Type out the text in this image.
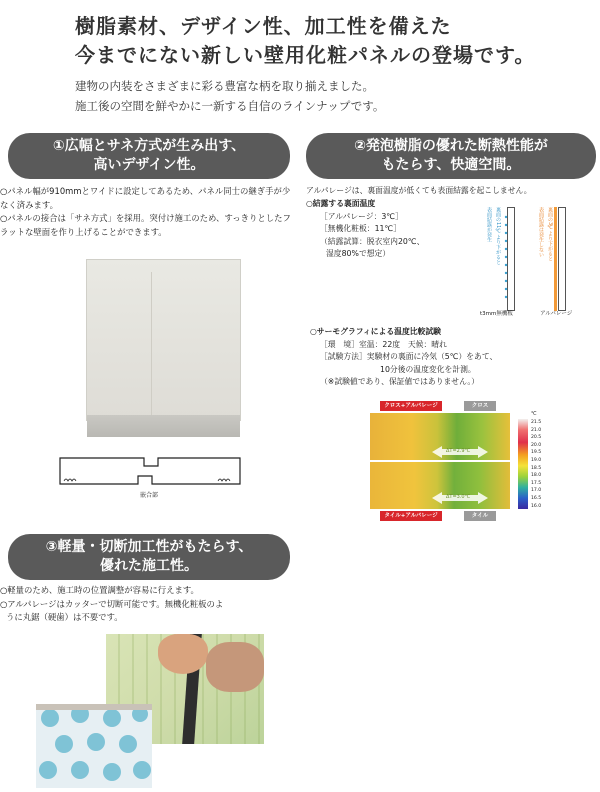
樹脂素材、デザイン性、加工性を備えた
今までにない新しい壁用化粧パネルの登場です。
建物の内装をさまざまに彩る豊富な柄を取り揃えました。
施工後の空間を鮮やかに一新する自信のラインナップです。
①広幅とサネ方式が生み出す、
高いデザイン性。
○パネル幅が910mmとワイドに設定してあるため、パネル同士の継ぎ手が少なく済みます。
○パネルの接合は「サネ方式」を採用。突付け施工のため、すっきりとしたフラットな壁面を作り上げることができます。
嵌合部
②発泡樹脂の優れた断熱性能が
もたらす、快適空間。
アルパレージは、裏面温度が低くても表面結露を起こしません。
○結露する裏面温度
［アルパレージ：3℃］
［無機化粧板：11℃］
（結露試算：脱衣室内20℃、
湿度80%で想定）
表面結露が発生 裏面の11℃より下がると	表面結露は発生しない 裏面の3℃より下がると
t3mm無機板	アルパレージ
○サーモグラフィによる温度比較試験
［環　境］室温：22度　天候：晴れ
［試験方法］実験材の裏面に冷気（5℃）をあて、
10分後の温度変化を計測。
（※試験値であり、保証値ではありません。）
クロス+アルパレージ	クロス
ΔT=2.9℃
ΔT=3.0℃
タイル+アルパレージ	タイル
℃
21.5
21.0
20.5
20.0
19.5
19.0
18.5
18.0
17.5
17.0
16.5
16.0
③軽量・切断加工性がもたらす、
優れた施工性。
○軽量のため、施工時の位置調整が容易に行えます。
○アルパレージはカッターで切断可能です。無機化粧板のよ
うに丸鋸（硬歯）は不要です。
